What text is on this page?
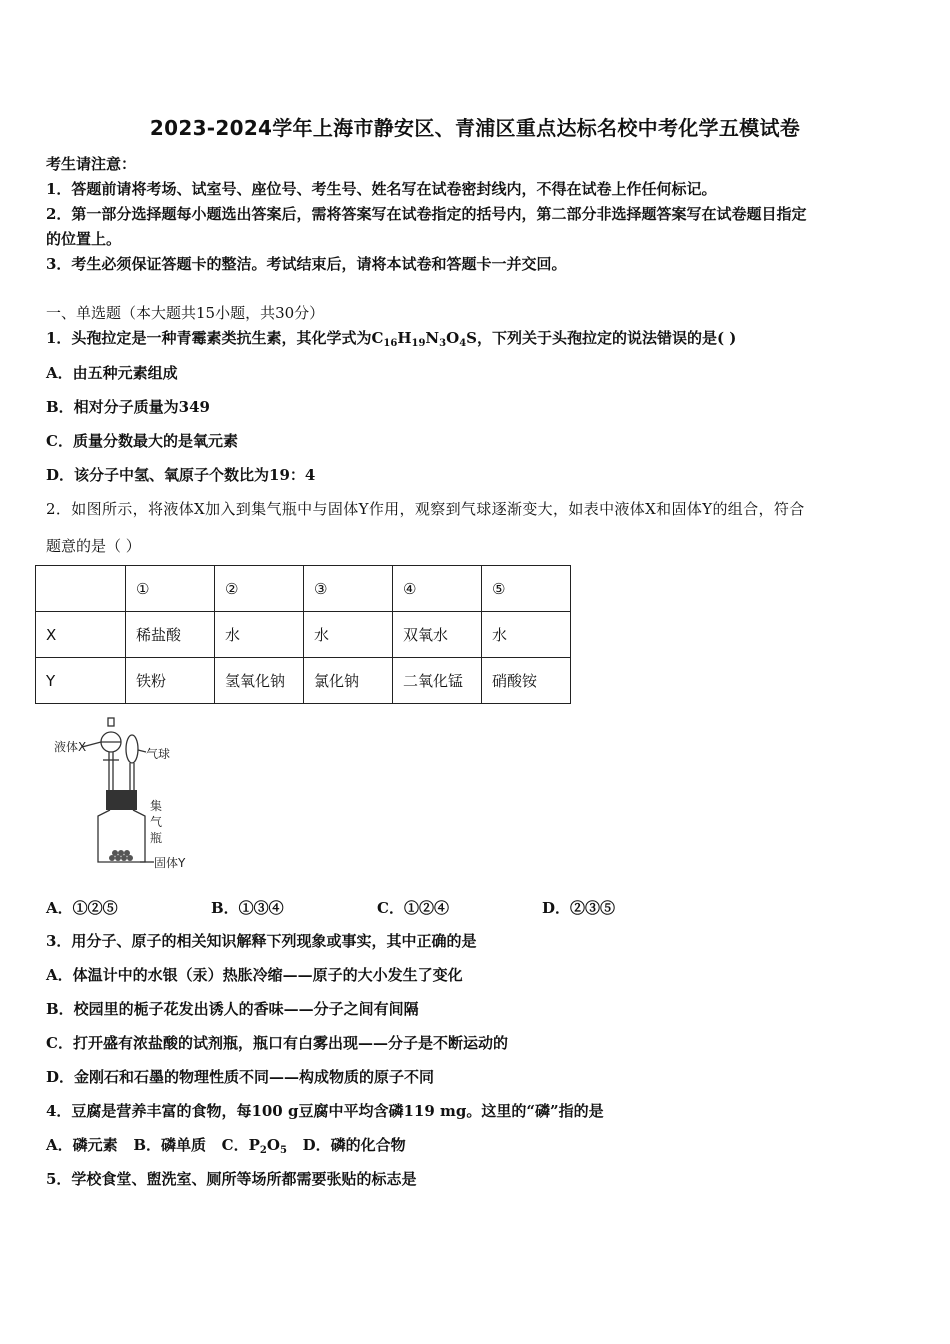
2023-2024学年上海市静安区、青浦区重点达标名校中考化学五模试卷
考生请注意：
1．答题前请将考场、试室号、座位号、考生号、姓名写在试卷密封线内，不得在试卷上作任何标记。
2．第一部分选择题每小题选出答案后，需将答案写在试卷指定的括号内，第二部分非选择题答案写在试卷题目指定
的位置上。
3．考生必须保证答题卡的整洁。考试结束后，请将本试卷和答题卡一并交回。
一、单选题（本大题共15小题，共30分）
1．头孢拉定是一种青霉素类抗生素，其化学式为$C_{16}H_{19}N_3O_4S$，下列关于头孢拉定的说法错误的是( )
A．由五种元素组成
B．相对分子质量为349
C．质量分数最大的是氧元素
D．该分子中氢、氧原子个数比为19：4
2．如图所示，将液体X加入到集气瓶中与固体Y作用，观察到气球逐渐变大，如表中液体X和固体Y的组合，符合
题意的是（ ）
	①	②	③	④	⑤
X	稀盐酸	水	水	双氧水	水
Y	铁粉	氢氧化钠	氯化钠	二氧化锰	硝酸铵
液体X	气球
集
气
瓶
固体Y
A．①②⑤	B．①③④	C．①②④	D．②③⑤
3．用分子、原子的相关知识解释下列现象或事实，其中正确的是
A．体温计中的水银（汞）热胀冷缩——原子的大小发生了变化
B．校园里的栀子花发出诱人的香味——分子之间有间隔
C．打开盛有浓盐酸的试剂瓶，瓶口有白雾出现——分子是不断运动的
D．金刚石和石墨的物理性质不同——构成物质的原子不同
4．豆腐是营养丰富的食物，每100 g豆腐中平均含磷119 mg。这里的“磷”指的是
A．磷元素 B．磷单质 C．$P_2O_5$ D．磷的化合物
5．学校食堂、盥洗室、厕所等场所都需要张贴的标志是
